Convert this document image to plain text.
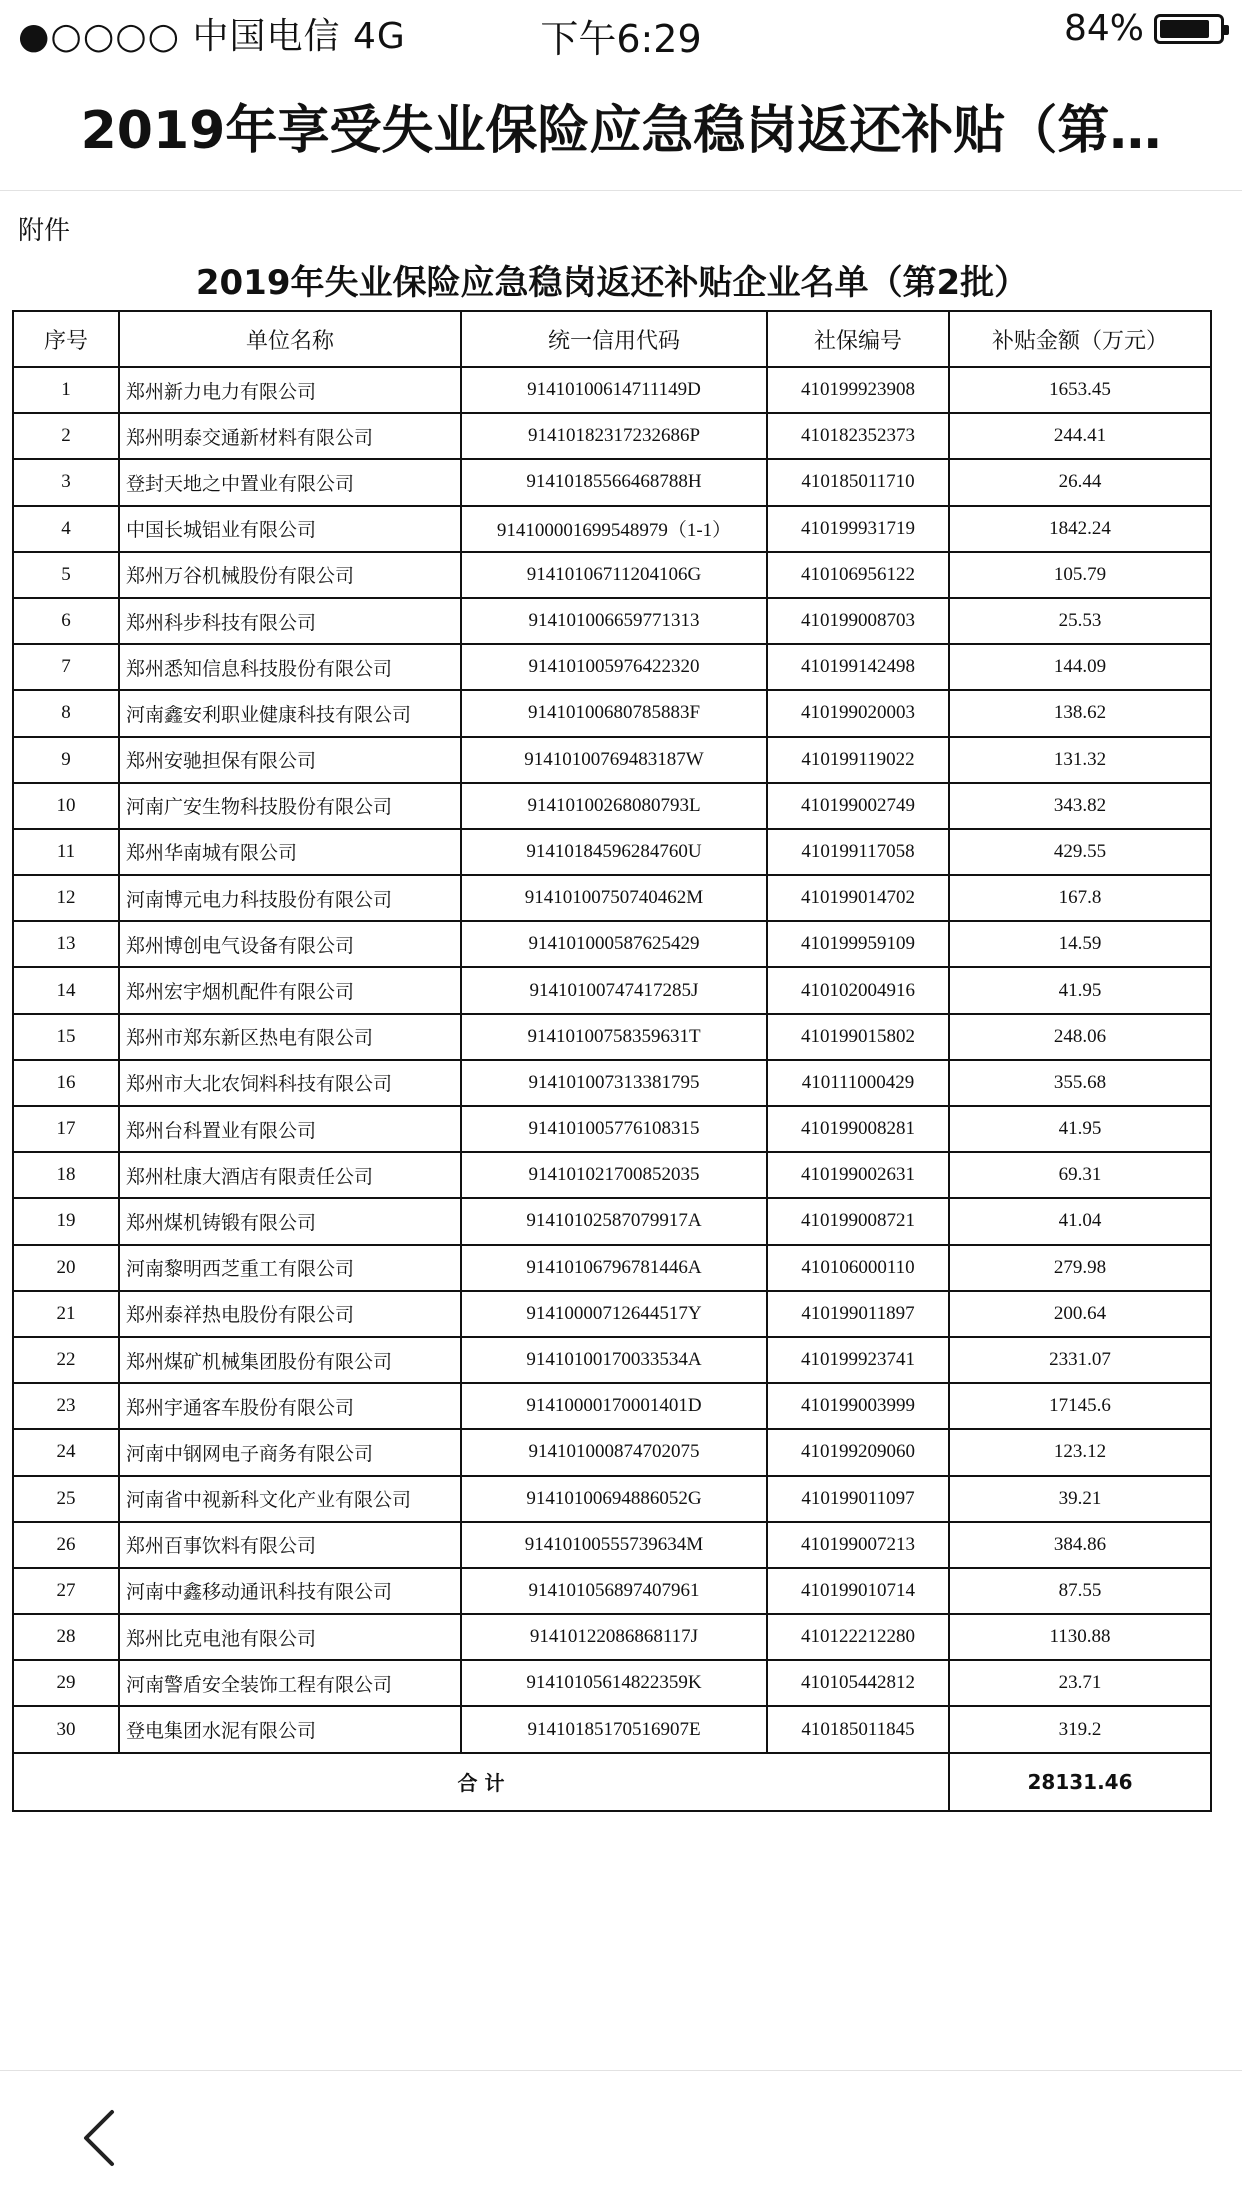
●○○○○ 中国电信 4G	下午6:29	84%
2019年享受失业保险应急稳岗返还补贴（第…
附件
2019年失业保险应急稳岗返还补贴企业名单（第2批）
序号	单位名称	统一信用代码	社保编号	补贴金额（万元）
1	郑州新力电力有限公司	91410100614711149D	410199923908	1653.45
2	郑州明泰交通新材料有限公司	91410182317232686P	410182352373	244.41
3	登封天地之中置业有限公司	91410185566468788H	410185011710	26.44
4	中国长城铝业有限公司	914100001699548979（1-1）	410199931719	1842.24
5	郑州万谷机械股份有限公司	91410106711204106G	410106956122	105.79
6	郑州科步科技有限公司	914101006659771313	410199008703	25.53
7	郑州悉知信息科技股份有限公司	914101005976422320	410199142498	144.09
8	河南鑫安利职业健康科技有限公司	91410100680785883F	410199020003	138.62
9	郑州安驰担保有限公司	91410100769483187W	410199119022	131.32
10	河南广安生物科技股份有限公司	91410100268080793L	410199002749	343.82
11	郑州华南城有限公司	91410184596284760U	410199117058	429.55
12	河南博元电力科技股份有限公司	91410100750740462M	410199014702	167.8
13	郑州博创电气设备有限公司	914101000587625429	410199959109	14.59
14	郑州宏宇烟机配件有限公司	91410100747417285J	410102004916	41.95
15	郑州市郑东新区热电有限公司	91410100758359631T	410199015802	248.06
16	郑州市大北农饲料科技有限公司	914101007313381795	410111000429	355.68
17	郑州台科置业有限公司	914101005776108315	410199008281	41.95
18	郑州杜康大酒店有限责任公司	914101021700852035	410199002631	69.31
19	郑州煤机铸锻有限公司	91410102587079917A	410199008721	41.04
20	河南黎明西芝重工有限公司	91410106796781446A	410106000110	279.98
21	郑州泰祥热电股份有限公司	91410000712644517Y	410199011897	200.64
22	郑州煤矿机械集团股份有限公司	91410100170033534A	410199923741	2331.07
23	郑州宇通客车股份有限公司	91410000170001401D	410199003999	17145.6
24	河南中钢网电子商务有限公司	914101000874702075	410199209060	123.12
25	河南省中视新科文化产业有限公司	91410100694886052G	410199011097	39.21
26	郑州百事饮料有限公司	91410100555739634M	410199007213	384.86
27	河南中鑫移动通讯科技有限公司	914101056897407961	410199010714	87.55
28	郑州比克电池有限公司	91410122086868117J	410122212280	1130.88
29	河南警盾安全装饰工程有限公司	91410105614822359K	410105442812	23.71
30	登电集团水泥有限公司	91410185170516907E	410185011845	319.2
合 计				28131.46
